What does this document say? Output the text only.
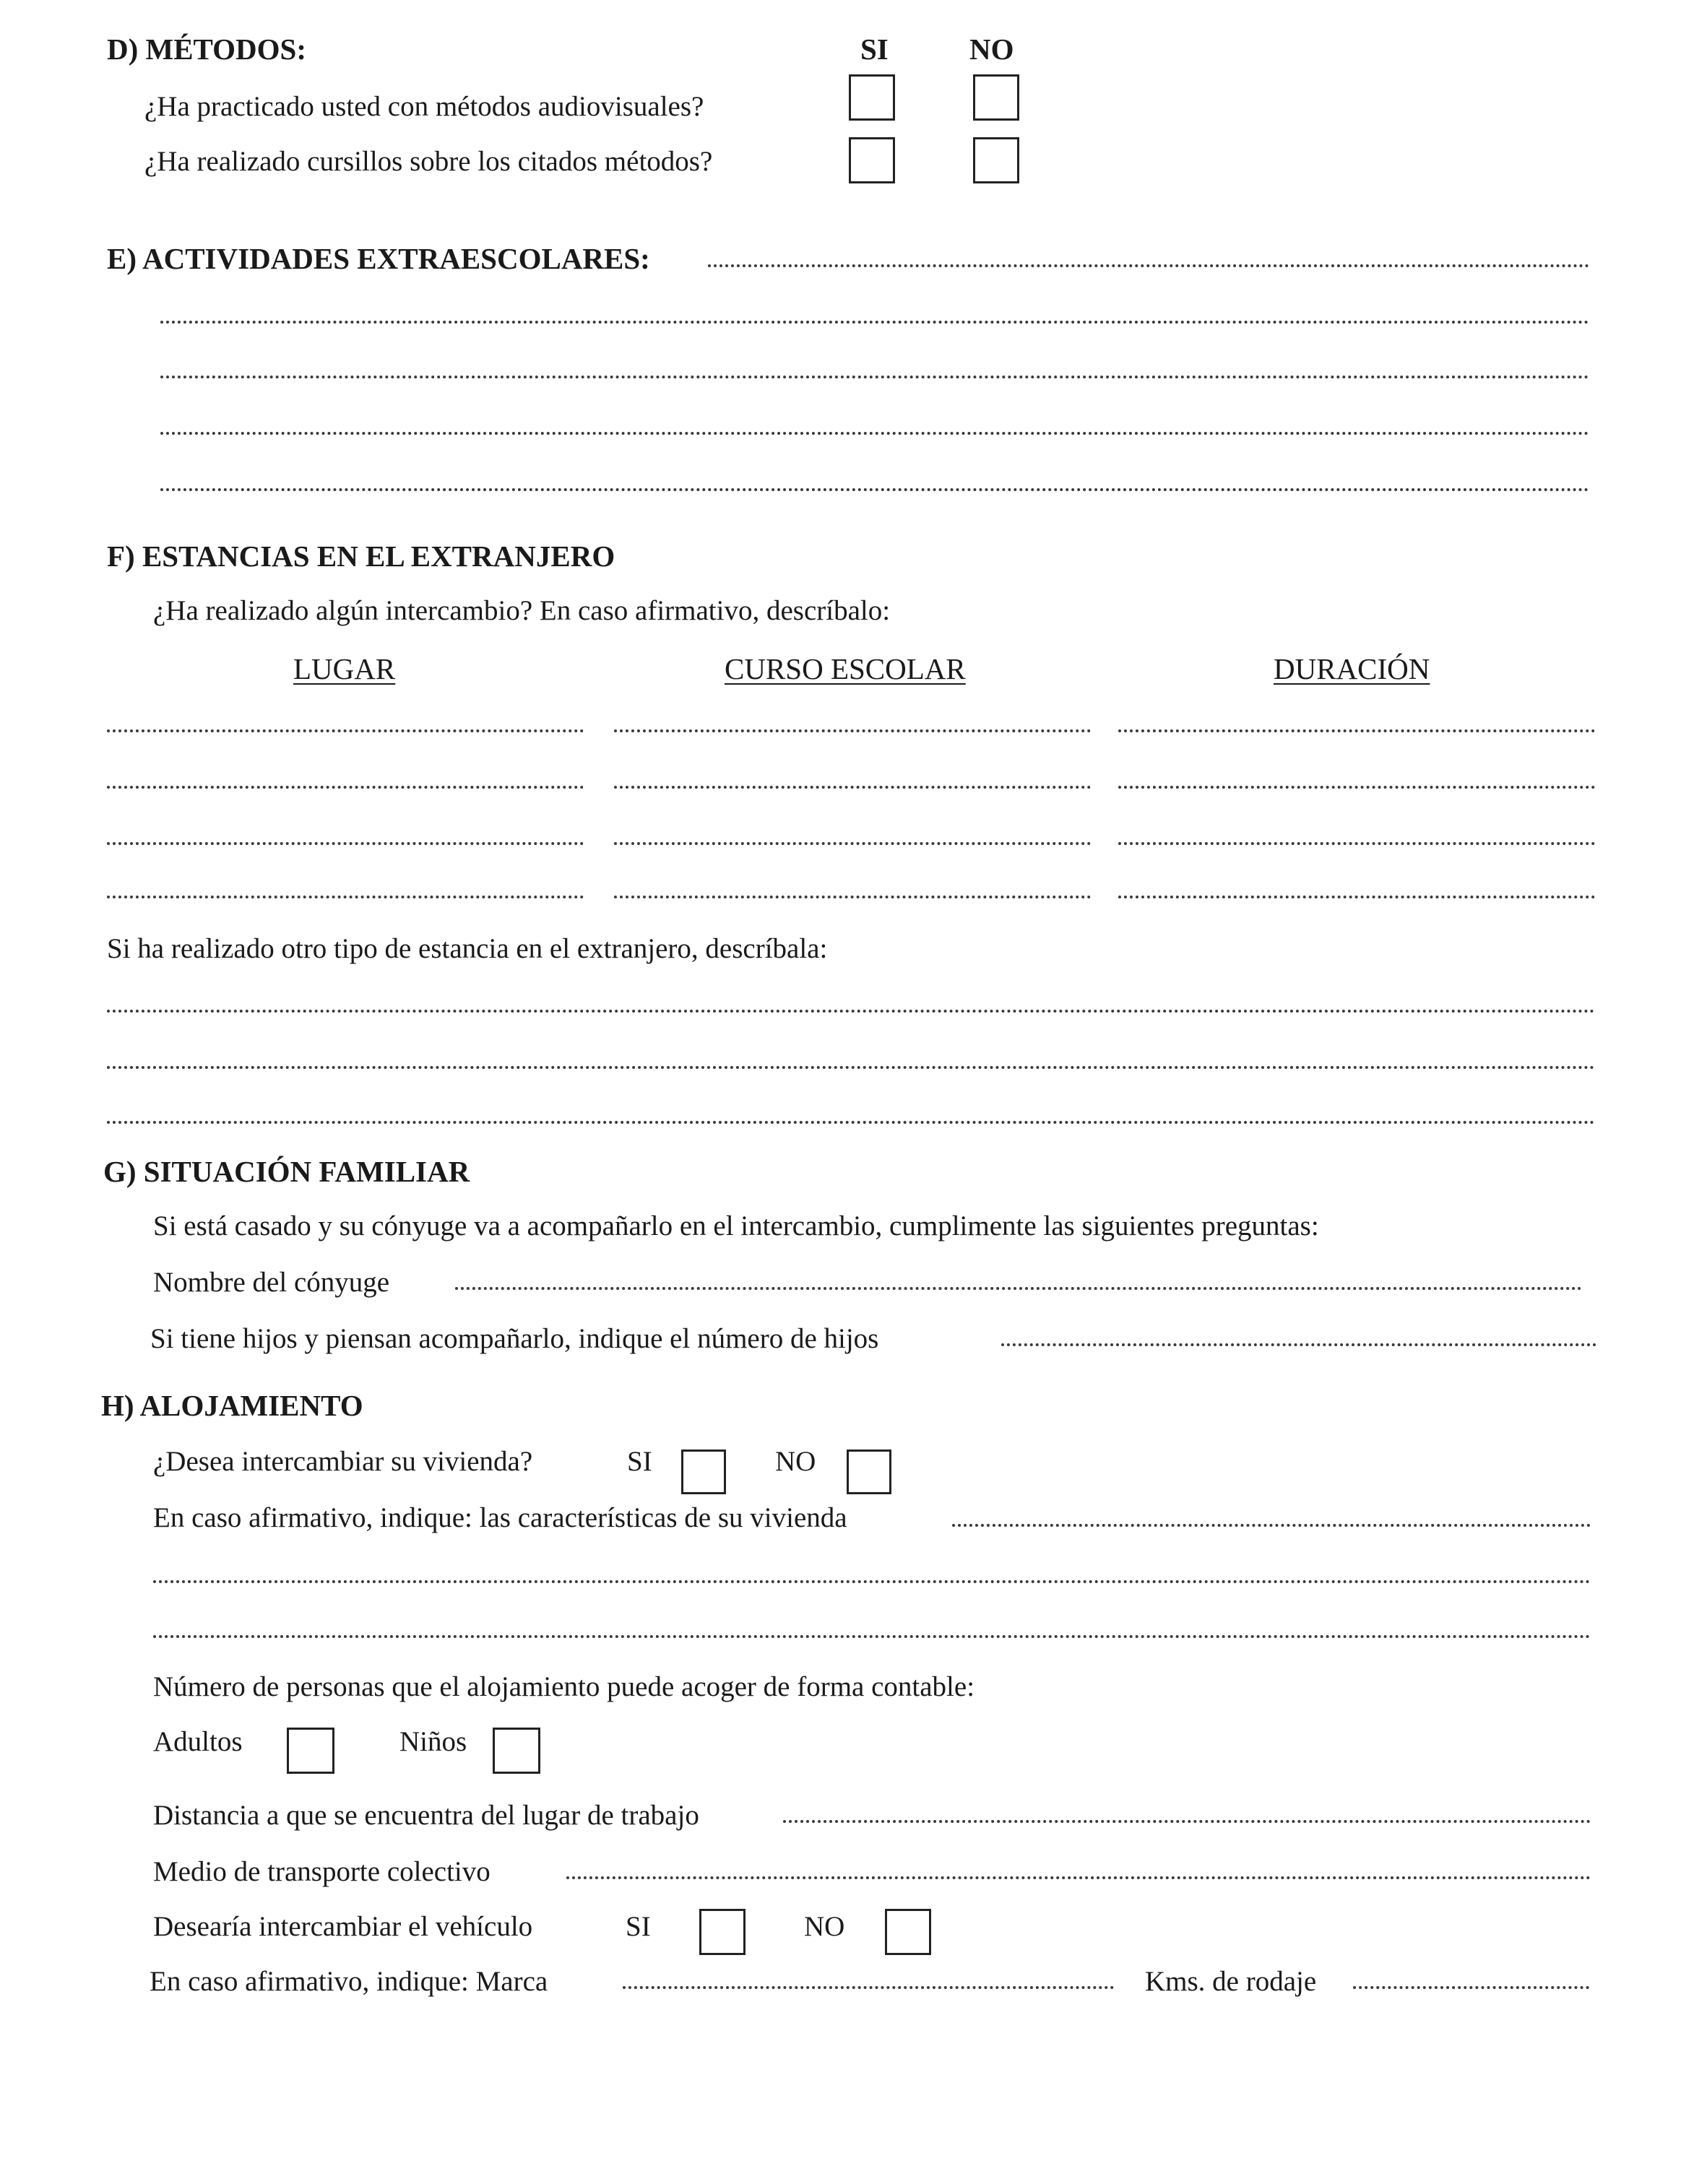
D) MÉTODOS:	SI	NO
¿Ha practicado usted con métodos audiovisuales?
¿Ha realizado cursillos sobre los citados métodos?
E) ACTIVIDADES EXTRAESCOLARES:
F) ESTANCIAS EN EL EXTRANJERO
¿Ha realizado algún intercambio? En caso afirmativo, descríbalo:
LUGAR	CURSO ESCOLAR	DURACIÓN
Si ha realizado otro tipo de estancia en el extranjero, descríbala:
G) SITUACIÓN FAMILIAR
Si está casado y su cónyuge va a acompañarlo en el intercambio, cumplimente las siguientes preguntas:
Nombre del cónyuge
Si tiene hijos y piensan acompañarlo, indique el número de hijos
H) ALOJAMIENTO
¿Desea intercambiar su vivienda?	SI	NO
En caso afirmativo, indique: las características de su vivienda
Número de personas que el alojamiento puede acoger de forma contable:
Adultos	Niños
Distancia a que se encuentra del lugar de trabajo
Medio de transporte colectivo
Desearía intercambiar el vehículo	SI	NO
En caso afirmativo, indique: Marca	Kms. de rodaje
